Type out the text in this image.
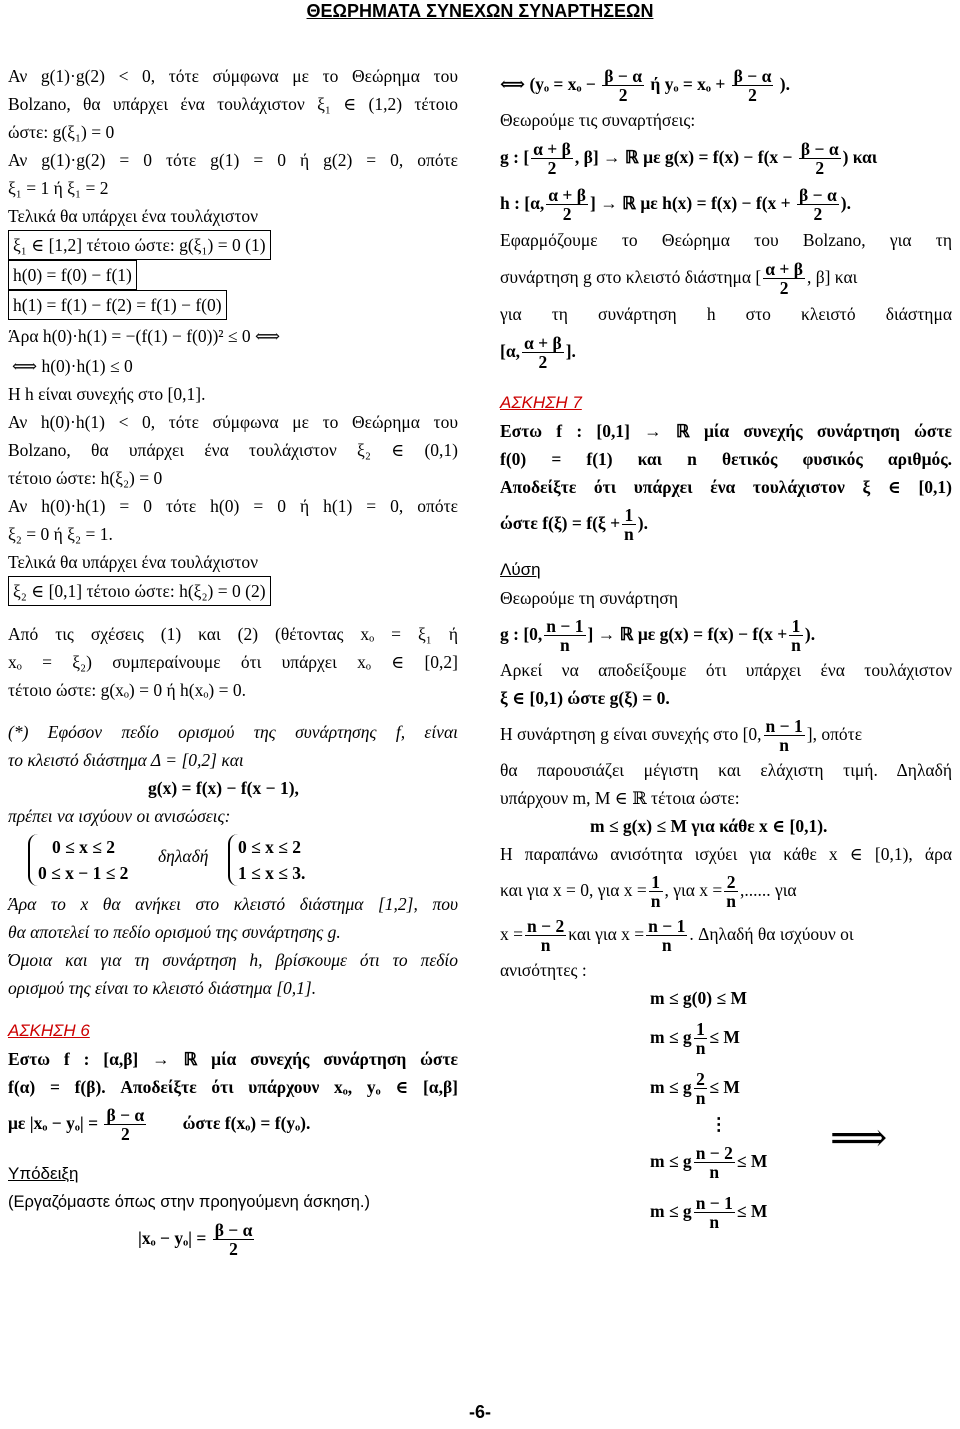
ΘΕΩΡΗΜΑΤΑ ΣΥΝΕΧΩΝ ΣΥΝΑΡΤΗΣΕΩΝ

Αν g(1)·g(2) < 0, τότε σύμφωνα με το Θεώρημα του

Bolzano, θα υπάρχει ένα τουλάχιστον ξ₁ ∈ (1,2) τέτοιο

ώστε: g(ξ₁) = 0

Αν g(1)·g(2) = 0 τότε g(1) = 0 ή g(2) = 0, οπότε

ξ₁ = 1 ή ξ₁ = 2

Τελικά θα υπάρχει ένα τουλάχιστον

ξ₁ ∈ [1,2] τέτοιο ώστε: g(ξ₁) = 0 (1)

h(0) = f(0) − f(1)

h(1) = f(1) − f(2) = f(1) − f(0)

Άρα h(0)·h(1) = −(f(1) − f(0))² ≤ 0 ⟺

⟺ h(0)·h(1) ≤ 0

Η h είναι συνεχής στο [0,1].

Αν h(0)·h(1) < 0, τότε σύμφωνα με το Θεώρημα του

Bolzano, θα υπάρχει ένα τουλάχιστον ξ₂ ∈ (0,1)

τέτοιο ώστε: h(ξ₂) = 0

Αν h(0)·h(1) = 0 τότε h(0) = 0 ή h(1) = 0, οπότε

ξ₂ = 0 ή ξ₂ = 1.

Τελικά θα υπάρχει ένα τουλάχιστον

ξ₂ ∈ [0,1] τέτοιο ώστε: h(ξ₂) = 0 (2)

Από τις σχέσεις (1) και (2) (θέτοντας xₒ = ξ₁ ή

xₒ = ξ₂) συμπεραίνουμε ότι υπάρχει xₒ ∈ [0,2]

τέτοιο ώστε: g(xₒ) = 0 ή h(xₒ) = 0.

(*) Εφόσον πεδίο ορισμού της συνάρτησης f, είναι

το κλειστό διάστημα Δ = [0,2] και

g(x) = f(x) − f(x − 1),

πρέπει να ισχύουν οι ανισώσεις:

0 ≤ x ≤ 2
0 ≤ x − 1 ≤ 2
δηλαδή 0 ≤ x ≤ 2
1 ≤ x ≤ 3.

Άρα το x θα ανήκει στο κλειστό διάστημα [1,2], που

θα αποτελεί το πεδίο ορισμού της συνάρτησης g.

Όμοια και για τη συνάρτηση h, βρίσκουμε ότι το πεδίο

ορισμού της είναι το κλειστό διάστημα [0,1].

ΑΣΚΗΣΗ 6

Εστω f : [α,β] → ℝ μία συνεχής συνάρτηση ώστε

f(α) = f(β). Αποδείξτε ότι υπάρχουν xₒ, yₒ ∈ [α,β]

με $|x_o - y_o| = \frac{\beta - \alpha}{2}$ ώστε f(xₒ) = f(yₒ).

Υπόδειξη

(Εργαζόμαστε όπως στην προηγούμενη άσκηση.)

$|x_o - y_o| = \frac{\beta - \alpha}{2}$

⟺ ($y_o = x_o - \frac{\beta - \alpha}{2}$ ή $y_o = x_o + \frac{\beta - \alpha}{2}$ ).

Θεωρούμε τις συναρτήσεις:

g : [ $\frac{\alpha + \beta}{2}$ , β] → ℝ με $g(x) = f(x) - f(x - \frac{\beta - \alpha}{2}$ ) και

h : [α, $\frac{\alpha + \beta}{2}$ ] → ℝ με $h(x) = f(x) - f(x + \frac{\beta - \alpha}{2}$ ).

Εφαρμόζουμε το Θεώρημα του Bolzano, για τη

συνάρτηση g στο κλειστό διάστημα [ $\frac{\alpha + \beta}{2}$ , β] και

για τη συνάρτηση h στο κλειστό διάστημα

[α, $\frac{\alpha + \beta}{2}$ ].

ΑΣΚΗΣΗ 7

Εστω f : [0,1] → ℝ μία συνεχής συνάρτηση ώστε

f(0) = f(1) και n θετικός φυσικός αριθμός.

Αποδείξτε ότι υπάρχει ένα τουλάχιστον ξ ∈ [0,1)

ώστε $f(\xi) = f(\xi + \frac{1}{n}$ ).

Λύση

Θεωρούμε τη συνάρτηση

g : [0, $\frac{n - 1}{n}$ ] → ℝ με $g(x) = f(x) - f(x + \frac{1}{n}$ ).

Αρκεί να αποδείξουμε ότι υπάρχει ένα τουλάχιστον

ξ ∈ [0,1) ώστε g(ξ) = 0.

Η συνάρτηση g είναι συνεχής στο [0, $\frac{n - 1}{n}$ ], οπότε

θα παρουσιάζει μέγιστη και ελάχιστη τιμή. Δηλαδή

υπάρχουν m, M ∈ ℝ τέτοια ώστε:

m ≤ g(x) ≤ M για κάθε x ∈ [0,1).

Η παραπάνω ανισότητα ισχύει για κάθε x ∈ [0,1), άρα

και για x = 0, για $x = \frac{1}{n}$ , για $x = \frac{2}{n}$ ,...... για

$x = \frac{n - 2}{n}$ και για $x = \frac{n - 1}{n}$ . Δηλαδή θα ισχύουν οι

ανισότητες :

m ≤ g(0) ≤ M

m ≤ g $\frac{1}{n} \le M$

m ≤ g $\frac{2}{n} \le M$

⋮

m ≤ g $\frac{n - 2}{n} \le M$

m ≤ g $\frac{n - 1}{n} \le M$

⟹
-6-
